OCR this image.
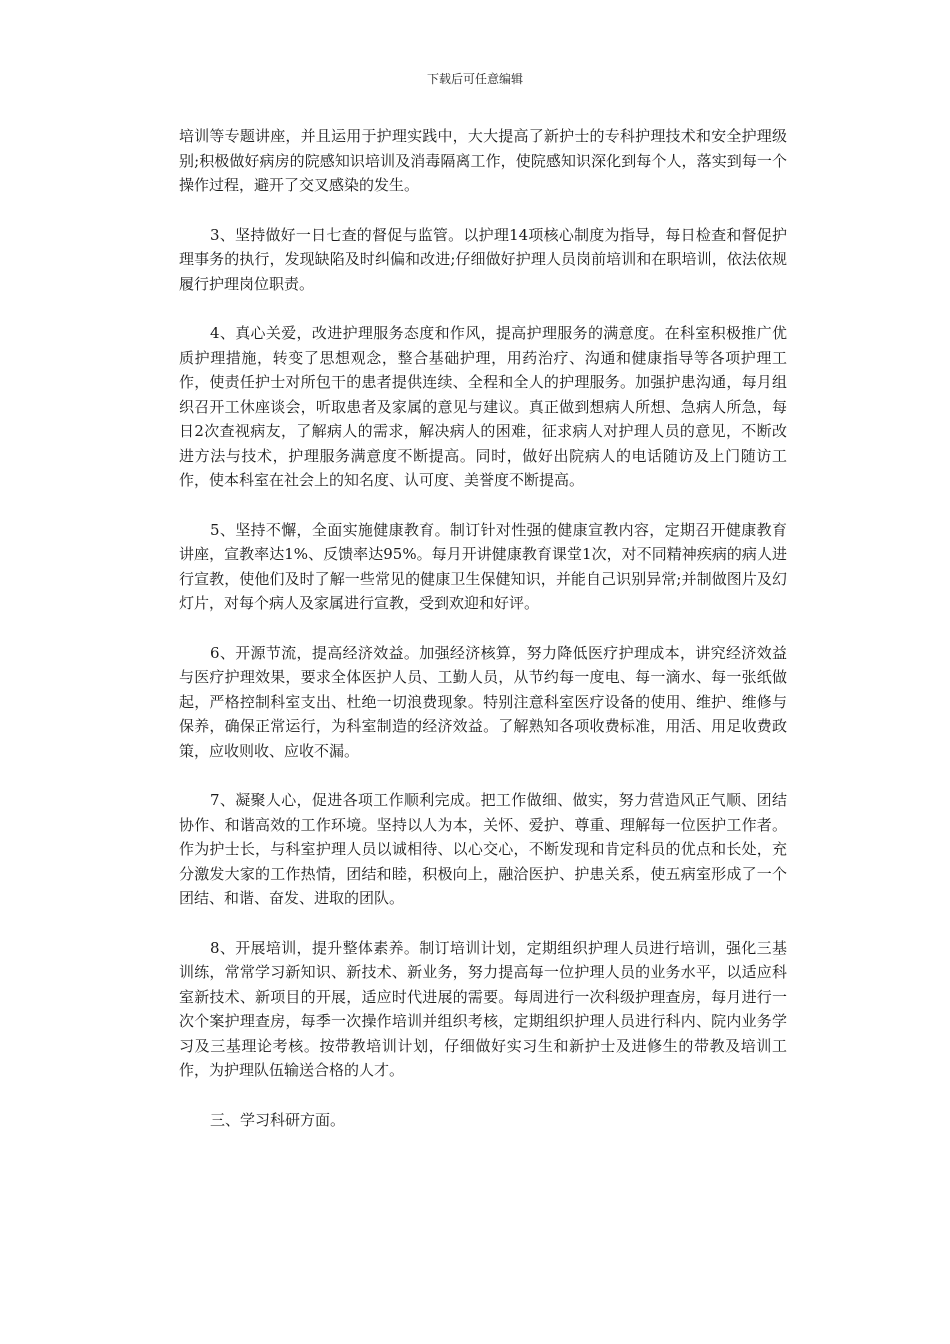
下载后可任意编辑

培训等专题讲座，并且运用于护理实践中，大大提高了新护士的专科护理技术和安全护理级别;积极做好病房的院感知识培训及消毒隔离工作，使院感知识深化到每个人，落实到每一个操作过程，避开了交叉感染的发生。

3、坚持做好一日七查的督促与监管。以护理14项核心制度为指导，每日检查和督促护理事务的执行，发现缺陷及时纠偏和改进;仔细做好护理人员岗前培训和在职培训，依法依规履行护理岗位职责。

4、真心关爱，改进护理服务态度和作风，提高护理服务的满意度。在科室积极推广优质护理措施，转变了思想观念，整合基础护理，用药治疗、沟通和健康指导等各项护理工作，使责任护士对所包干的患者提供连续、全程和全人的护理服务。加强护患沟通，每月组织召开工休座谈会，听取患者及家属的意见与建议。真正做到想病人所想、急病人所急，每日2次查视病友，了解病人的需求，解决病人的困难，征求病人对护理人员的意见，不断改进方法与技术，护理服务满意度不断提高。同时，做好出院病人的电话随访及上门随访工作，使本科室在社会上的知名度、认可度、美誉度不断提高。

5、坚持不懈，全面实施健康教育。制订针对性强的健康宣教内容，定期召开健康教育讲座，宣教率达1%、反馈率达95%。每月开讲健康教育课堂1次，对不同精神疾病的病人进行宣教，使他们及时了解一些常见的健康卫生保健知识，并能自己识别异常;并制做图片及幻灯片，对每个病人及家属进行宣教，受到欢迎和好评。

6、开源节流，提高经济效益。加强经济核算，努力降低医疗护理成本，讲究经济效益与医疗护理效果，要求全体医护人员、工勤人员，从节约每一度电、每一滴水、每一张纸做起，严格控制科室支出、杜绝一切浪费现象。特别注意科室医疗设备的使用、维护、维修与保养，确保正常运行，为科室制造的经济效益。了解熟知各项收费标准，用活、用足收费政策，应收则收、应收不漏。

7、凝聚人心，促进各项工作顺利完成。把工作做细、做实，努力营造风正气顺、团结协作、和谐高效的工作环境。坚持以人为本，关怀、爱护、尊重、理解每一位医护工作者。作为护士长，与科室护理人员以诚相待、以心交心，不断发现和肯定科员的优点和长处，充分激发大家的工作热情，团结和睦，积极向上，融洽医护、护患关系，使五病室形成了一个团结、和谐、奋发、进取的团队。

8、开展培训，提升整体素养。制订培训计划，定期组织护理人员进行培训，强化三基训练，常常学习新知识、新技术、新业务，努力提高每一位护理人员的业务水平，以适应科室新技术、新项目的开展，适应时代进展的需要。每周进行一次科级护理查房，每月进行一次个案护理查房，每季一次操作培训并组织考核，定期组织护理人员进行科内、院内业务学习及三基理论考核。按带教培训计划，仔细做好实习生和新护士及进修生的带教及培训工作，为护理队伍输送合格的人才。

三、学习科研方面。
